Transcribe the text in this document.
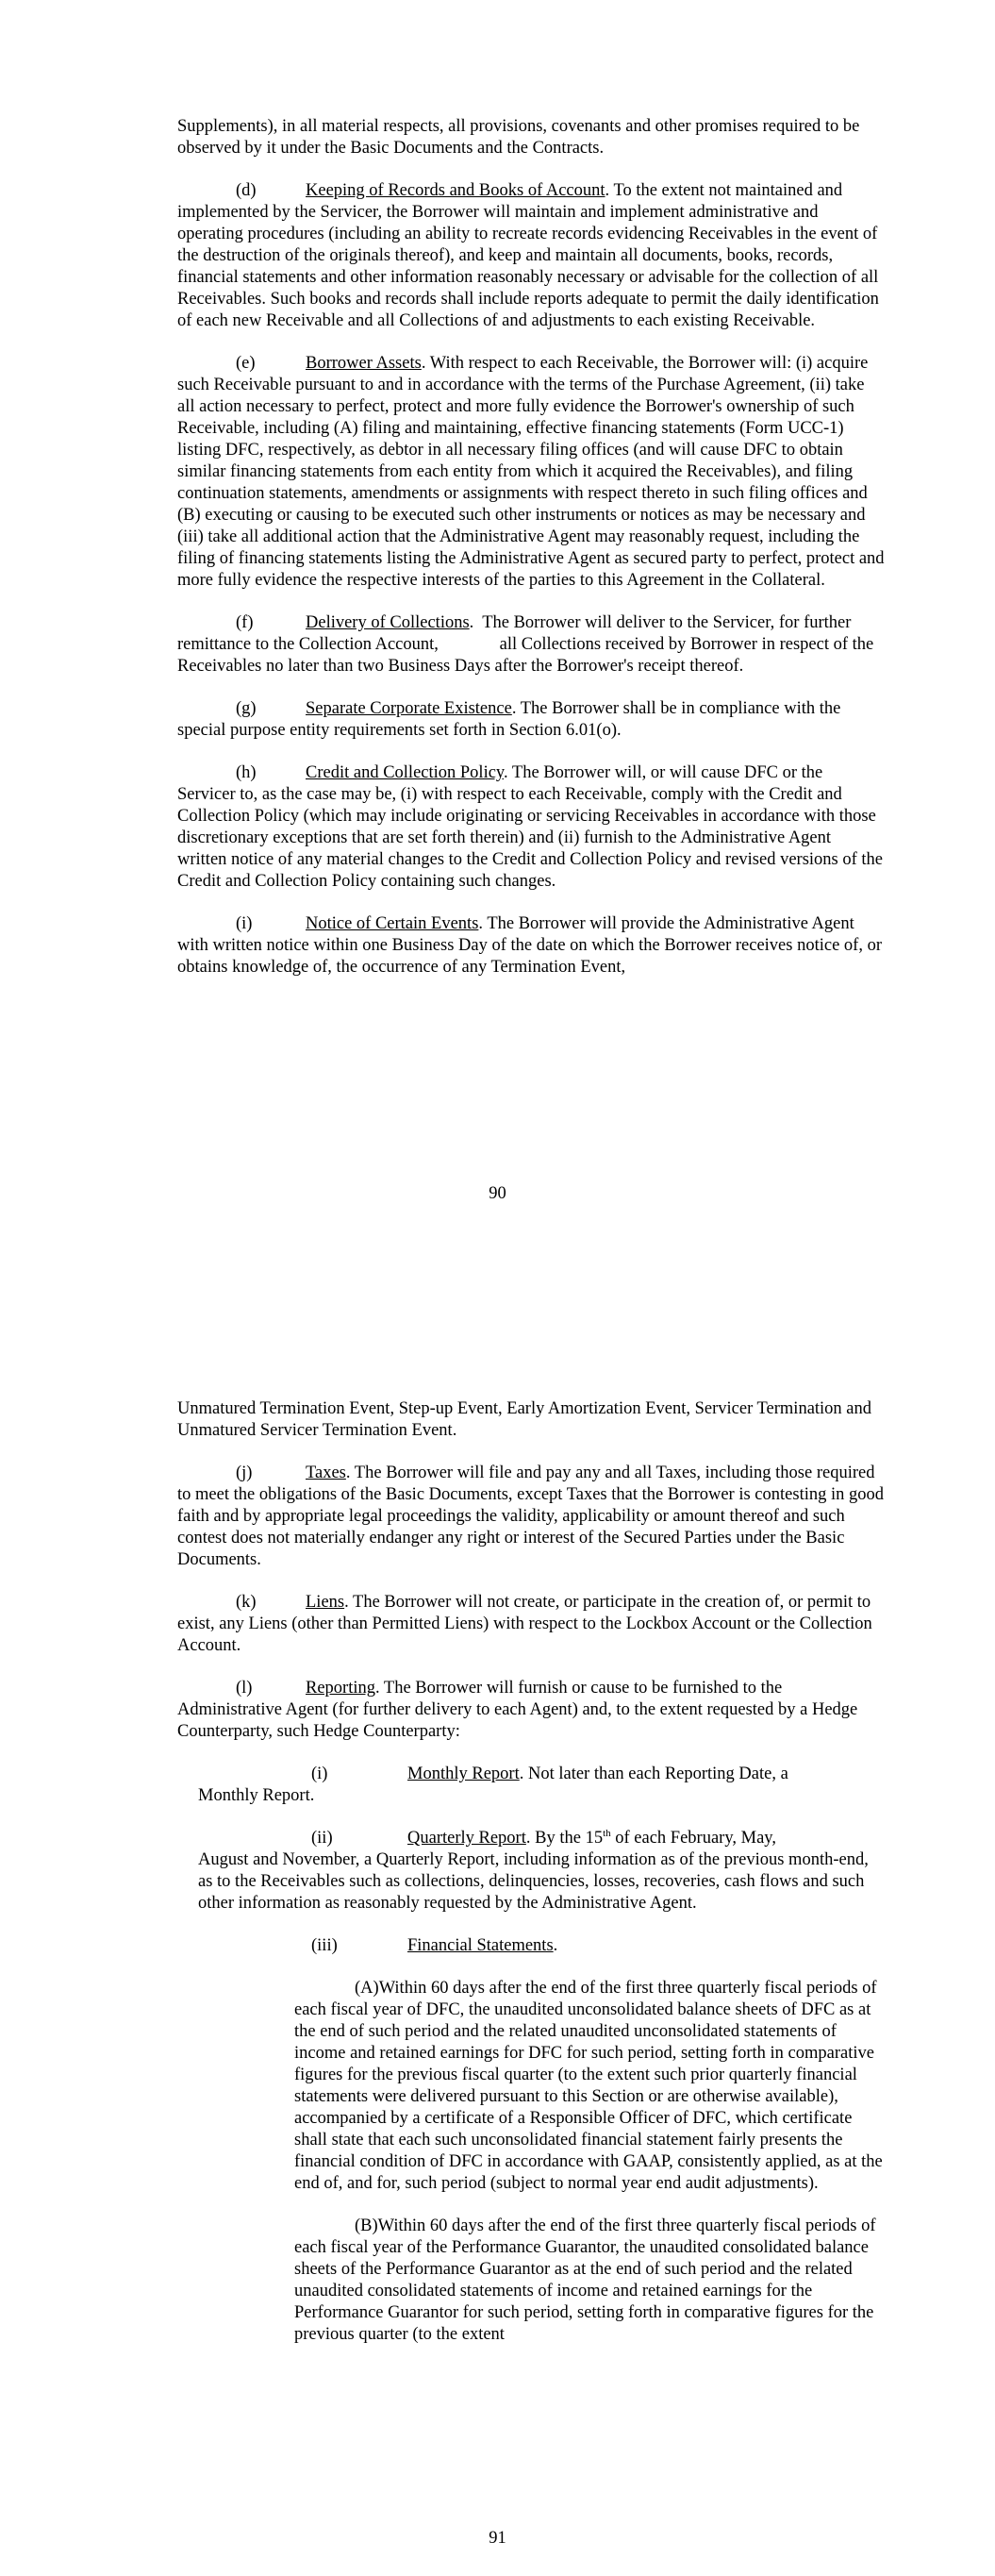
Supplements), in all material respects, all provisions, covenants and other promises required to be observed by it under the Basic Documents and the Contracts.

(d)	Keeping of Records and Books of Account. To the extent not maintained and implemented by the Servicer, the Borrower will maintain and implement administrative and operating procedures (including an ability to recreate records evidencing Receivables in the event of the destruction of the originals thereof), and keep and maintain all documents, books, records, financial statements and other information reasonably necessary or advisable for the collection of all Receivables. Such books and records shall include reports adequate to permit the daily identification of each new Receivable and all Collections of and adjustments to each existing Receivable.

(e)	Borrower Assets. With respect to each Receivable, the Borrower will: (i) acquire such Receivable pursuant to and in accordance with the terms of the Purchase Agreement, (ii) take all action necessary to perfect, protect and more fully evidence the Borrower's ownership of such Receivable, including (A) filing and maintaining, effective financing statements (Form UCC-1) listing DFC, respectively, as debtor in all necessary filing offices (and will cause DFC to obtain similar financing statements from each entity from which it acquired the Receivables), and filing continuation statements, amendments or assignments with respect thereto in such filing offices and (B) executing or causing to be executed such other instruments or notices as may be necessary and (iii) take all additional action that the Administrative Agent may reasonably request, including the filing of financing statements listing the Administrative Agent as secured party to perfect, protect and more fully evidence the respective interests of the parties to this Agreement in the Collateral.

(f)	Delivery of Collections.  The Borrower will deliver to the Servicer, for further remittance to the Collection Account,              all Collections received by Borrower in respect of the Receivables no later than two Business Days after the Borrower's receipt thereof.

(g)	Separate Corporate Existence. The Borrower shall be in compliance with the special purpose entity requirements set forth in Section 6.01(o).

(h)	Credit and Collection Policy. The Borrower will, or will cause DFC or the Servicer to, as the case may be, (i) with respect to each Receivable, comply with the Credit and Collection Policy (which may include originating or servicing Receivables in accordance with those discretionary exceptions that are set forth therein) and (ii) furnish to the Administrative Agent written notice of any material changes to the Credit and Collection Policy and revised versions of the Credit and Collection Policy containing such changes.

(i)	Notice of Certain Events. The Borrower will provide the Administrative Agent with written notice within one Business Day of the date on which the Borrower receives notice of, or obtains knowledge of, the occurrence of any Termination Event,

90

Unmatured Termination Event, Step-up Event, Early Amortization Event, Servicer Termination and Unmatured Servicer Termination Event.

(j)	Taxes. The Borrower will file and pay any and all Taxes, including those required to meet the obligations of the Basic Documents, except Taxes that the Borrower is contesting in good faith and by appropriate legal proceedings the validity, applicability or amount thereof and such contest does not materially endanger any right or interest of the Secured Parties under the Basic Documents.

(k)	Liens. The Borrower will not create, or participate in the creation of, or permit to exist, any Liens (other than Permitted Liens) with respect to the Lockbox Account or the Collection Account.

(l)	Reporting. The Borrower will furnish or cause to be furnished to the Administrative Agent (for further delivery to each Agent) and, to the extent requested by a Hedge Counterparty, such Hedge Counterparty:

(i)	Monthly Report. Not later than each Reporting Date, a
Monthly Report.
(ii)	Quarterly Report. By the 15th of each February, May,
August and November, a Quarterly Report, including information as of the previous month-end, as to the Receivables such as collections, delinquencies, losses, recoveries, cash flows and such other information as reasonably requested by the Administrative Agent.
(iii)	Financial Statements.
(A)Within 60 days after the end of the first three quarterly fiscal periods of each fiscal year of DFC, the unaudited unconsolidated balance sheets of DFC as at the end of such period and the related unaudited unconsolidated statements of income and retained earnings for DFC for such period, setting forth in comparative figures for the previous fiscal quarter (to the extent such prior quarterly financial statements were delivered pursuant to this Section or are otherwise available), accompanied by a certificate of a Responsible Officer of DFC, which certificate shall state that each such unconsolidated financial statement fairly presents the financial condition of DFC in accordance with GAAP, consistently applied, as at the end of, and for, such period (subject to normal year end audit adjustments).
(B)Within 60 days after the end of the first three quarterly fiscal periods of each fiscal year of the Performance Guarantor, the unaudited consolidated balance sheets of the Performance Guarantor as at the end of such period and the related unaudited consolidated statements of income and retained earnings for the Performance Guarantor for such period, setting forth in comparative figures for the previous quarter (to the extent
91
